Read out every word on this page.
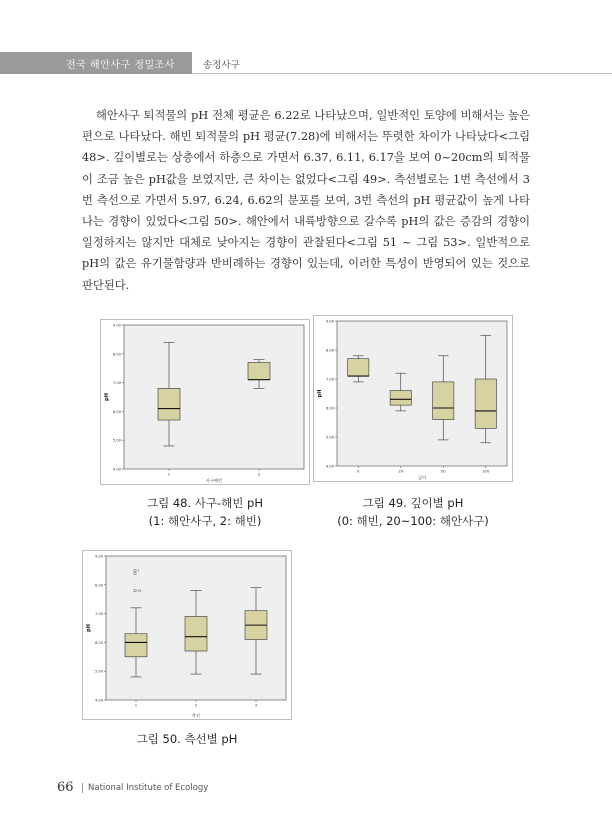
전국 해안사구 정밀조사	송정사구

해안사구 퇴적물의 pH 전체 평균은 6.22로 나타났으며, 일반적인 토양에 비해서는 높은 편으로 나타났다. 해빈 퇴적물의 pH 평균(7.28)에 비해서는 뚜렷한 차이가 나타났다<그림 48>. 깊이별로는 상층에서 하층으로 가면서 6.37, 6.11, 6.17을 보여 0~20cm의 퇴적물이 조금 높은 pH값을 보였지만, 큰 차이는 없었다<그림 49>. 측선별로는 1번 측선에서 3번 측선으로 가면서 5.97, 6.24, 6.62의 분포를 보여, 3번 측선의 pH 평균값이 높게 나타나는 경향이 있었다<그림 50>. 해안에서 내륙방향으로 갈수록 pH의 값은 증감의 경향이 일정하지는 않지만 대체로 낮아지는 경향이 관찰된다<그림 51 ~ 그림 53>. 일반적으로 pH의 값은 유기물함량과 반비례하는 경향이 있는데, 이러한 특성이 반영되어 있는 것으로 판단된다.

4.00
5.00
6.00
7.00
8.00
9.00
pH
1	2
사구해빈
그림 48. 사구-해빈 pH
(1: 해안사구, 2: 해빈)
4.00
5.00
6.00
7.00
8.00
9.00
pH
0	20	50	100
깊이
그림 49. 깊이별 pH
(0: 해빈, 20~100: 해안사구)
4.00
5.00
6.00
7.00
8.00
9.00
pH
1
55
1
2	3
측선
그림 50. 측선별 pH
66 National Institute of Ecology
